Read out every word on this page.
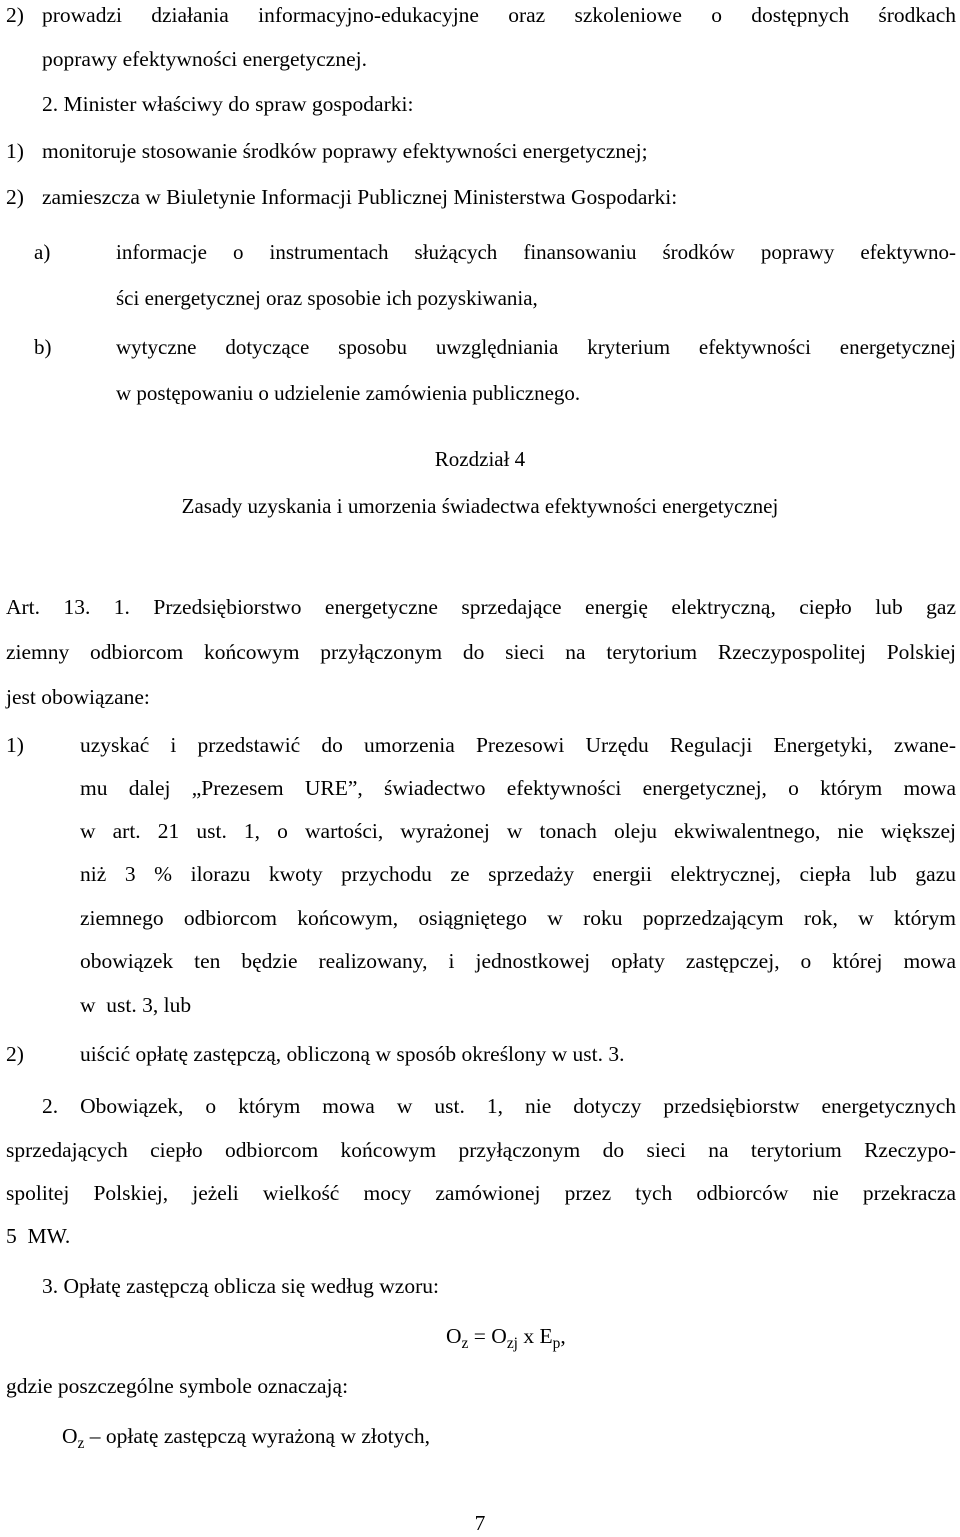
2) prowadzi działania informacyjno-edukacyjne oraz szkoleniowe o dostępnych środkach
poprawy efektywności energetycznej.
2. Minister właściwy do spraw gospodarki:
1) monitoruje stosowanie środków poprawy efektywności energetycznej;
2) zamieszcza w Biuletynie Informacji Publicznej Ministerstwa Gospodarki:
a)	informacje o instrumentach służących finansowaniu środków poprawy efektywno-
ści energetycznej oraz sposobie ich pozyskiwania,
b)	wytyczne dotyczące sposobu uwzględniania kryterium efektywności energetycznej
w postępowaniu o udzielenie zamówienia publicznego.
Rozdział 4
Zasady uzyskania i umorzenia świadectwa efektywności energetycznej
Art. 13. 1. Przedsiębiorstwo energetyczne sprzedające energię elektryczną, ciepło lub gaz
ziemny odbiorcom końcowym przyłączonym do sieci na terytorium Rzeczypospolitej Polskiej
jest obowiązane:
1)	uzyskać i przedstawić do umorzenia Prezesowi Urzędu Regulacji Energetyki, zwane-
mu dalej „Prezesem URE”, świadectwo efektywności energetycznej, o którym mowa
w art. 21 ust. 1, o wartości, wyrażonej w tonach oleju ekwiwalentnego, nie większej
niż 3 % ilorazu kwoty przychodu ze sprzedaży energii elektrycznej, ciepła lub gazu
ziemnego odbiorcom końcowym, osiągniętego w roku poprzedzającym rok, w którym
obowiązek ten będzie realizowany, i jednostkowej opłaty zastępczej, o której mowa
w  ust. 3, lub
2)	uiścić opłatę zastępczą, obliczoną w sposób określony w ust. 3.
2. Obowiązek, o którym mowa w ust. 1, nie dotyczy przedsiębiorstw energetycznych
sprzedających ciepło odbiorcom końcowym przyłączonym do sieci na terytorium Rzeczypo-
spolitej Polskiej, jeżeli wielkość mocy zamówionej przez tych odbiorców nie przekracza
5  MW.
3. Opłatę zastępczą oblicza się według wzoru:
$O_z = O_{zj}$ x $E_p$,
gdzie poszczególne symbole oznaczają:
$O_z$ – opłatę zastępczą wyrażoną w złotych,
7
